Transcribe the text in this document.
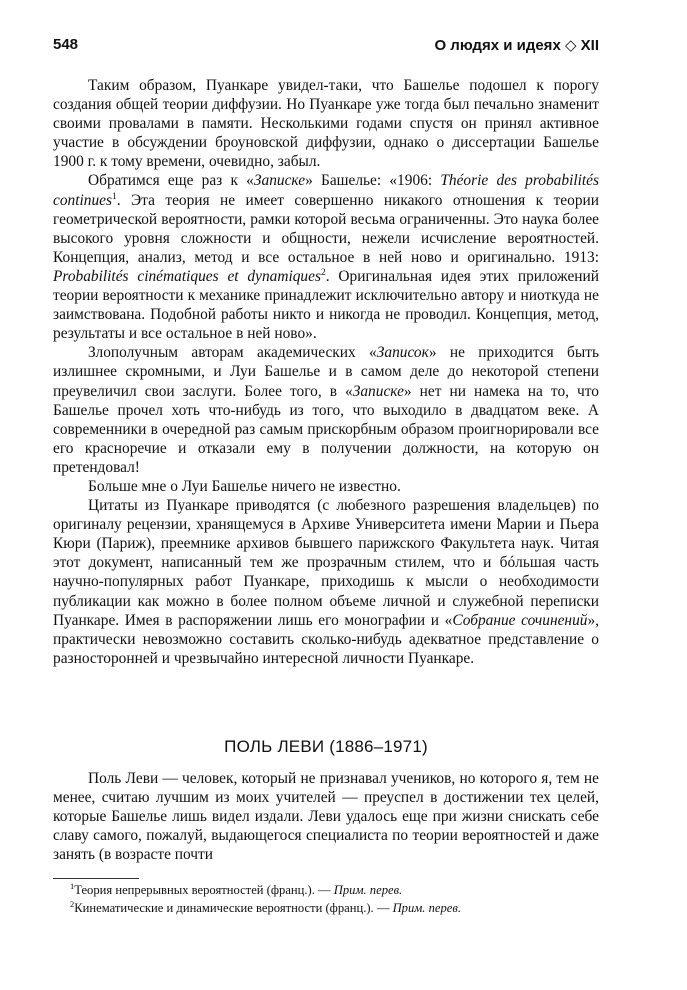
548	О людях и идеях ◇ XII

Таким образом, Пуанкаре увидел-таки, что Башелье подошел к порогу создания общей теории диффузии. Но Пуанкаре уже тогда был печально знаменит своими провалами в памяти. Несколькими годами спустя он принял активное участие в обсуждении броуновской диффузии, однако о диссертации Башелье 1900 г. к тому времени, очевидно, забыл.

Обратимся еще раз к «Записке» Башелье: «1906: Théorie des probabilités continues$^1$. Эта теория не имеет совершенно никакого отношения к теории геометрической вероятности, рамки которой весьма ограниченны. Это наука более высокого уровня сложности и общности, нежели исчисление вероятностей. Концепция, анализ, метод и все остальное в ней ново и оригинально. 1913: Probabilités cinématiques et dynamiques$^2$. Оригинальная идея этих приложений теории вероятности к механике принадлежит исключительно автору и ниоткуда не заимствована. Подобной работы никто и никогда не проводил. Концепция, метод, результаты и все остальное в ней ново».

Злополучным авторам академических «Записок» не приходится быть излишнее скромными, и Луи Башелье и в самом деле до некоторой степени преувеличил свои заслуги. Более того, в «Записке» нет ни намека на то, что Башелье прочел хоть что-нибудь из того, что выходило в двадцатом веке. А современники в очередной раз самым прискорбным образом проигнорировали все его красноречие и отказали ему в получении должности, на которую он претендовал!

Больше мне о Луи Башелье ничего не известно.

Цитаты из Пуанкаре приводятся (с любезного разрешения владельцев) по оригиналу рецензии, хранящемуся в Архиве Университета имени Марии и Пьера Кюри (Париж), преемнике архивов бывшего парижского Факультета наук. Читая этот документ, написанный тем же прозрачным стилем, что и бóльшая часть научно-популярных работ Пуанкаре, приходишь к мысли о необходимости публикации как можно в более полном объеме личной и служебной переписки Пуанкаре. Имея в распоряжении лишь его монографии и «Собрание сочинений», практически невозможно составить сколько-нибудь адекватное представление о разносторонней и чрезвычайно интересной личности Пуанкаре.

ПОЛЬ ЛЕВИ (1886–1971)

Поль Леви — человек, который не признавал учеников, но которого я, тем не менее, считаю лучшим из моих учителей — преуспел в достижении тех целей, которые Башелье лишь видел издали. Леви удалось еще при жизни снискать себе славу самого, пожалуй, выдающегося специалиста по теории вероятностей и даже занять (в возрасте почти

$^1$Теория непрерывных вероятностей (франц.). — Прим. перев.
$^2$Кинематические и динамические вероятности (франц.). — Прим. перев.
